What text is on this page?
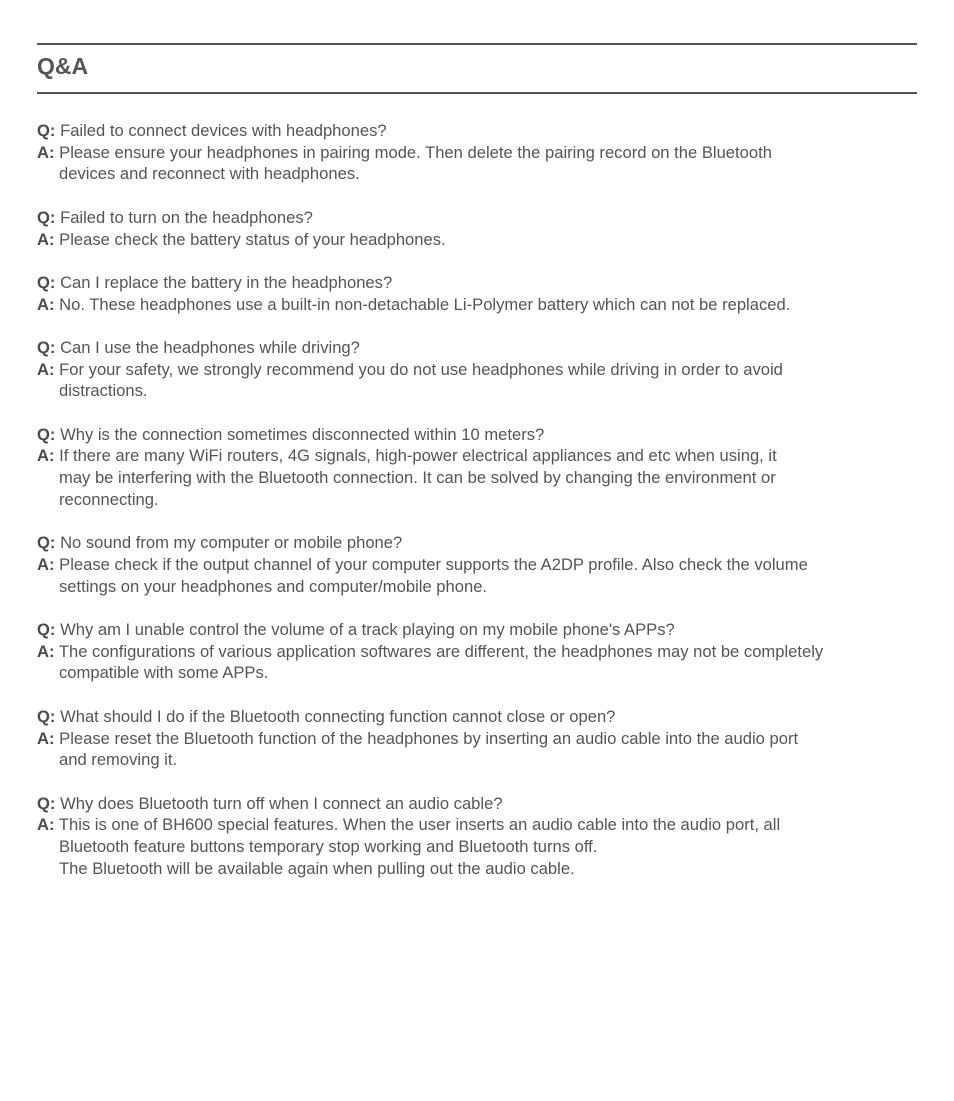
Q&A
Q: Failed to connect devices with headphones?
A: Please ensure your headphones in pairing mode. Then delete the pairing record on the Bluetooth
devices and reconnect with headphones.
Q: Failed to turn on the headphones?
A: Please check the battery status of your headphones.
Q: Can I replace the battery in the headphones?
A: No. These headphones use a built-in non-detachable Li-Polymer battery which can not be replaced.
Q: Can I use the headphones while driving?
A: For your safety, we strongly recommend you do not use headphones while driving in order to avoid
distractions.
Q: Why is the connection sometimes disconnected within 10 meters?
A: If there are many WiFi routers, 4G signals, high-power electrical appliances and etc when using, it
may be interfering with the Bluetooth connection. It can be solved by changing the environment or
reconnecting.
Q: No sound from my computer or mobile phone?
A: Please check if the output channel of your computer supports the A2DP profile. Also check the volume
settings on your headphones and computer/mobile phone.
Q: Why am I unable control the volume of a track playing on my mobile phone's APPs?
A: The configurations of various application softwares are different, the headphones may not be completely
compatible with some APPs.
Q: What should I do if the Bluetooth connecting function cannot close or open?
A: Please reset the Bluetooth function of the headphones by inserting an audio cable into the audio port
and removing it.
Q: Why does Bluetooth turn off when I connect an audio cable?
A: This is one of BH600 special features. When the user inserts an audio cable into the audio port, all
Bluetooth feature buttons temporary stop working and Bluetooth turns off.
The Bluetooth will be available again when pulling out the audio cable.
